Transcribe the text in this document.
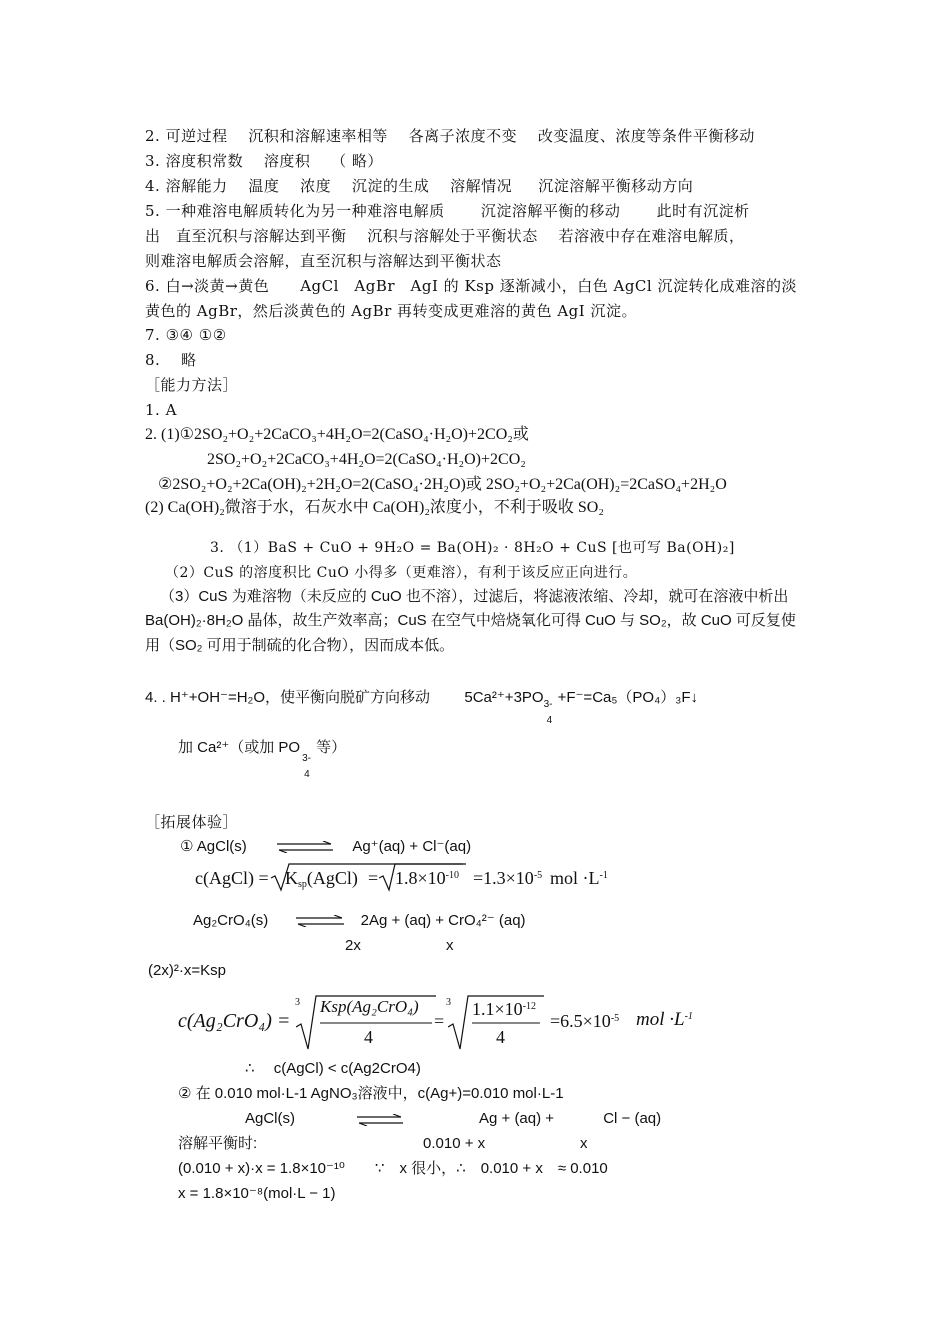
2. 可逆过程　 沉积和溶解速率相等　 各离子浓度不变　 改变温度、浓度等条件平衡移动
3. 溶度积常数　 溶度积　 （ 略）
4. 溶解能力　 温度　 浓度　 沉淀的生成　 溶解情况 　 沉淀溶解平衡移动方向
5. 一种难溶电解质转化为另一种难溶电解质　　 沉淀溶解平衡的移动　　 此时有沉淀析
出　直至沉积与溶解达到平衡　 沉积与溶解处于平衡状态　 若溶液中存在难溶电解质，
则难溶电解质会溶解，直至沉积与溶解达到平衡状态
6. 白→淡黄→黄色　　AgCl　AgBr　AgI 的 Ksp 逐渐减小，白色 AgCl 沉淀转化成难溶的淡
黄色的 AgBr，然后淡黄色的 AgBr 再转变成更难溶的黄色 AgI 沉淀。
7. ③④ ①②
8.　 略
［能力方法］
1. A
2. (1)①2SO₂+O₂+2CaCO₃+4H₂O=2(CaSO₄·H₂O)+2CO₂或
2SO₂+O₂+2CaCO₃+4H₂O=2(CaSO₄·H₂O)+2CO₂
②2SO₂+O₂+2Ca(OH)₂+2H₂O=2(CaSO₄·2H₂O)或 2SO₂+O₂+2Ca(OH)₂=2CaSO₄+2H₂O
(2) Ca(OH)₂微溶于水，石灰水中 Ca(OH)₂浓度小，不利于吸收 SO₂
3. （1）BaS + CuO + 9H₂O = Ba(OH)₂ · 8H₂O + CuS [也可写 Ba(OH)₂]
（2）CuS 的溶度积比 CuO 小得多（更难溶），有利于该反应正向进行。
（3）CuS 为难溶物（未反应的 CuO 也不溶），过滤后，将滤液浓缩、冷却，就可在溶液中析出
Ba(OH)₂·8H₂O 晶体，故生产效率高；CuS 在空气中焙烧氧化可得 CuO 与 SO₂，故 CuO 可反复使
用（SO₂ 可用于制硫的化合物），因而成本低。
4. . H⁺+OH⁻=H₂O，使平衡向脱矿方向移动 5Ca²⁺+3PO 3-
4
+F⁻=Ca₅（PO₄）₃F↓
加 Ca²⁺（或加 PO
3-
4
等）
［拓展体验］
① AgCl(s) ⇌ Ag⁺(aq) + Cl⁻(aq)
c(AgCl) = $K_{sp}(AgCl) = 1.8\times 10^{-10} =1.3\times 10^{-5}$ mol $\cdot L^{-1}$
Ag₂CrO₄(s) ⇌ 2Ag + (aq) + CrO₄²⁻ (aq)
2x	x
(2x)²·x=Ksp
c(Ag₂CrO₄) =
3 Ksp(Ag₂CrO₄)
4
=
3 $1.1\times 10^{-12}$
4
$=6.5\times 10^{-5}$ mol $\cdot L^{-1}$
∴　 c(AgCl) < c(Ag2CrO4)
② 在 0.010 mol·L-1 AgNO₃溶液中，c(Ag+)=0.010 mol·L-1
AgCl(s)	Ag + (aq) +　　　 Cl − (aq)
溶解平衡时:	0.010 + x	x
(0.010 + x)·x = 1.8×10⁻¹⁰　　∵　x 很小，∴　0.010 + x　≈ 0.010
x = 1.8×10⁻⁸(mol·L − 1)
